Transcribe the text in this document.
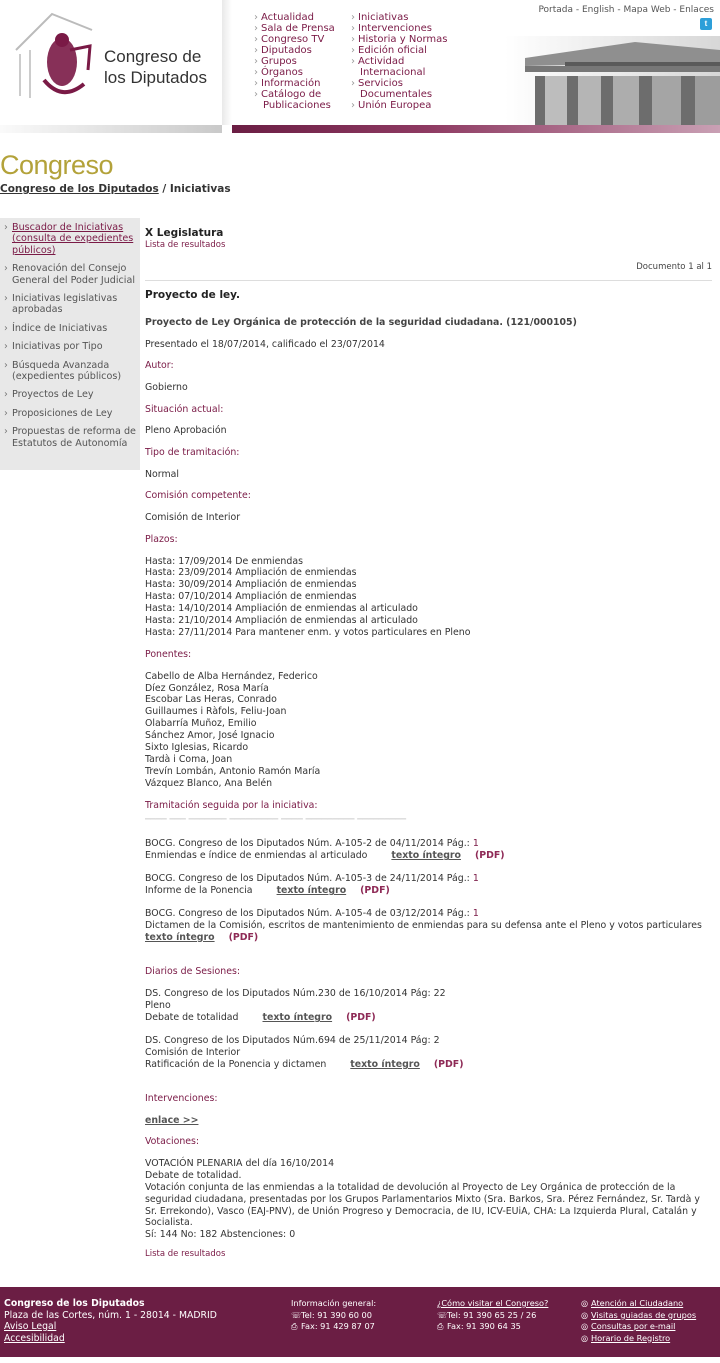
Congreso de
los Diputados
› Actualidad
› Sala de Prensa
› Congreso TV
› Diputados
› Grupos
› Órganos
› Información
› Catálogo de
Publicaciones
› Iniciativas
› Intervenciones
› Historia y Normas
› Edición oficial
› Actividad
Internacional
› Servicios
Documentales
› Unión Europea
Portada - English - Mapa Web - Enlaces
t
Congreso
Congreso de los Diputados / Iniciativas
› Buscador de Iniciativas (consulta de expedientes públicos)
› Renovación del Consejo General del Poder Judicial
› Iniciativas legislativas aprobadas
› Índice de Iniciativas
› Iniciativas por Tipo
› Búsqueda Avanzada (expedientes públicos)
› Proyectos de Ley
› Proposiciones de Ley
› Propuestas de reforma de Estatutos de Autonomía
X Legislatura
Lista de resultados
Documento 1 al 1
Proyecto de ley.
Proyecto de Ley Orgánica de protección de la seguridad ciudadana. (121/000105)
Presentado el 18/07/2014, calificado el 23/07/2014
Autor:
Gobierno
Situación actual:
Pleno Aprobación
Tipo de tramitación:
Normal
Comisión competente:
Comisión de Interior
Plazos:
Hasta: 17/09/2014 De enmiendas
Hasta: 23/09/2014 Ampliación de enmiendas
Hasta: 30/09/2014 Ampliación de enmiendas
Hasta: 07/10/2014 Ampliación de enmiendas
Hasta: 14/10/2014 Ampliación de enmiendas al articulado
Hasta: 21/10/2014 Ampliación de enmiendas al articulado
Hasta: 27/11/2014 Para mantener enm. y votos particulares en Pleno
Ponentes:
Cabello de Alba Hernández, Federico
Díez González, Rosa María
Escobar Las Heras, Conrado
Guillaumes i Ràfols, Feliu-Joan
Olabarría Muñoz, Emilio
Sánchez Amor, José Ignacio
Sixto Iglesias, Ricardo
Tardà i Coma, Joan
Trevín Lombán, Antonio Ramón María
Vázquez Blanco, Ana Belén
Tramitación seguida por la iniciativa:
──── ─── ─────── ───────── ──── ───────── ─────────
BOCG. Congreso de los Diputados Núm. A-105-2 de 04/11/2014 Pág.: 1
Enmiendas e índice de enmiendas al articulado	texto íntegro (PDF)
BOCG. Congreso de los Diputados Núm. A-105-3 de 24/11/2014 Pág.: 1
Informe de la Ponencia	texto íntegro (PDF)
BOCG. Congreso de los Diputados Núm. A-105-4 de 03/12/2014 Pág.: 1
Dictamen de la Comisión, escritos de mantenimiento de enmiendas para su defensa ante el Pleno y votos particulares
texto íntegro (PDF)
Diarios de Sesiones:
DS. Congreso de los Diputados Núm.230 de 16/10/2014 Pág: 22
Pleno
Debate de totalidad	texto íntegro (PDF)
DS. Congreso de los Diputados Núm.694 de 25/11/2014 Pág: 2
Comisión de Interior
Ratificación de la Ponencia y dictamen	texto íntegro (PDF)
Intervenciones:
enlace >>
Votaciones:
VOTACIÓN PLENARIA del día 16/10/2014
Debate de totalidad.
Votación conjunta de las enmiendas a la totalidad de devolución al Proyecto de Ley Orgánica de protección de la seguridad ciudadana, presentadas por los Grupos Parlamentarios Mixto (Sra. Barkos, Sra. Pérez Fernández, Sr. Tardà y Sr. Errekondo), Vasco (EAJ-PNV), de Unión Progreso y Democracia, de IU, ICV-EUiA, CHA: La Izquierda Plural, Catalán y Socialista.
Sí: 144 No: 182 Abstenciones: 0
Lista de resultados
Congreso de los Diputados
Plaza de las Cortes, núm. 1 - 28014 - MADRID
Aviso Legal
Accesibilidad
Información general:
☏Tel: 91 390 60 00
⎙ Fax: 91 429 87 07
¿Cómo visitar el Congreso?
☏Tel: 91 390 65 25 / 26
⎙ Fax: 91 390 64 35
◎ Atención al Ciudadano
◎ Visitas guiadas de grupos
◎ Consultas por e-mail
◎ Horario de Registro
